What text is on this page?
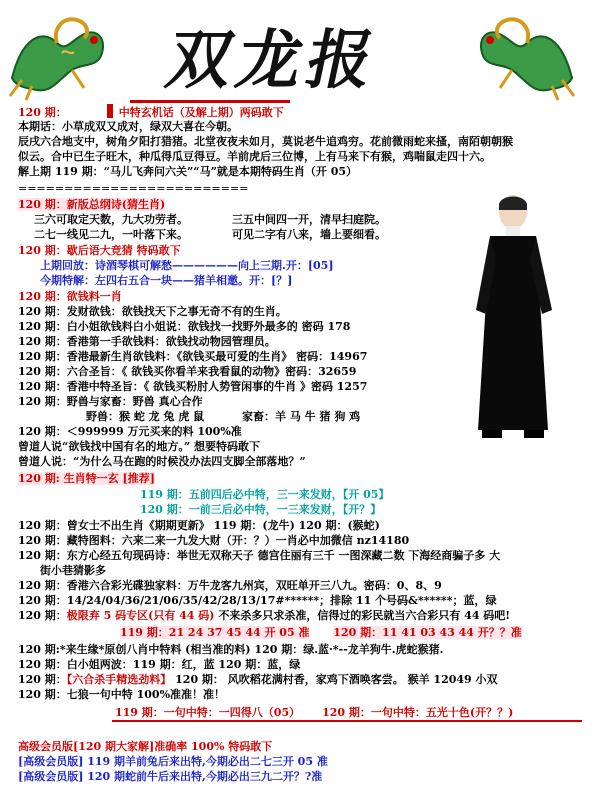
双龙报
120 期：	中特玄机话（及解上期）两码敢下
本期话：小草成双又成对，绿双大喜在今朝。
辰戌六合地支中，树角夕阳打猎猪。北堂夜夜未如月，莫说老牛追鸡穷。花前微雨蛇来搔，南陌朝朝猴
似云。合中已生子旺木，种瓜得瓜豆得豆。羊前虎后三位博，上有马来下有猴，鸡喘鼠走四十六。
解上期 119 期：“马儿飞奔问六关”“马”就是本期特码生肖（开 05）
=========================
120 期：新版总纲诗(猜生肖)
三六可取定天数，九大功劳者。	三五中间四一开，清早扫庭院。
二七一线见二九，一叶落下来。	可见二字有八来，墙上要细看。
120 期：歇后语大竞猜 特码敢下
上期回放：诗酒琴棋可解愁——————向上三期.开：[05]
今期特解：左四右五合一块——猪羊相邀。开：[？]
120 期：欲钱料一肖
120 期：发财欲钱：欲钱找天下之事无奇不有的生肖。
120 期：白小姐欲钱料白小姐说：欲钱找一找野外最多的 密码 178
120 期：香港第一手欲钱料：欲钱找动物园管理员。
120 期：香港最新生肖欲钱料：《欲钱买最可爱的生肖》 密码：14967
120 期：六合圣旨：《 欲钱买你看羊来我看鼠的动物》密码：32659
120 期：香港中特圣旨：《 欲钱买粉肘人势管闲事的牛肖 》密码 1257
120 期：野兽与家畜：野兽 真心合作
野兽：猴 蛇 龙 兔 虎 鼠	家畜：羊 马 牛 猪 狗 鸡
120 期：＜999999 万元买来的料 100%准
曾道人说“欲钱找中国有名的地方。” 想要特码敢下
曾道人说：“为什么马在跑的时候没办法四支脚全部落地？”
120 期: 生肖特一玄 [推荐]
119 期：五前四后必中特，三一来发财，【开 05】
120 期：一前三后必中特，一三来发财，【开？】
120 期：曾女士不出生肖《期期更新》 119 期：(龙牛) 120 期：(猴蛇)
120 期：藏特图料：六来二来一九发大财（开：？）一肖必中加微信 nz14180
120 期：东方心经五句现码诗：举世无双称天子 德宫住丽有三千 一图深藏二数 下海经商骗子多 大
街小巷猜影多
120 期：香港六合彩光碟独家料：万牛龙客九州宾，双旺单开三八九。密码：0、8、9
120 期：14/24/04/36/21/06/35/42/28/13/17#******；排除 11 个号码&******；蓝，绿
120 期：极限弃 5 码专区(只有 44 码) 不来杀多只求杀准，信得过的彩民就当六合彩只有 44 码吧!
119 期：21 24 37 45 44 开 05 准 120 期：11 41 03 43 44 开？？准
120 期:*来生缘*原创八肖中特料 (相当准的料) 120 期：绿.蓝·*--龙羊狗牛.虎蛇猴猪.
120 期：白小姐两波：119 期：红，蓝 120 期：蓝，绿
120 期：【六合杀手精选劲料】 120 期： 风吹稻花满村香，家鸡下酒唤客尝。 猴羊 12049 小双
120 期：七狼一句中特 100%准准！准！
119 期：一句中特：一四得八（05） 120 期：一句中特：五光十色(开？？)
高级会员版[120 期大家解]准确率 100% 特码敢下
[高级会员版] 119 期羊前兔后来出特,今期必出二七三开 05 准
[高级会员版] 120 期蛇前牛后来出特,今期必出三九二开？?准
